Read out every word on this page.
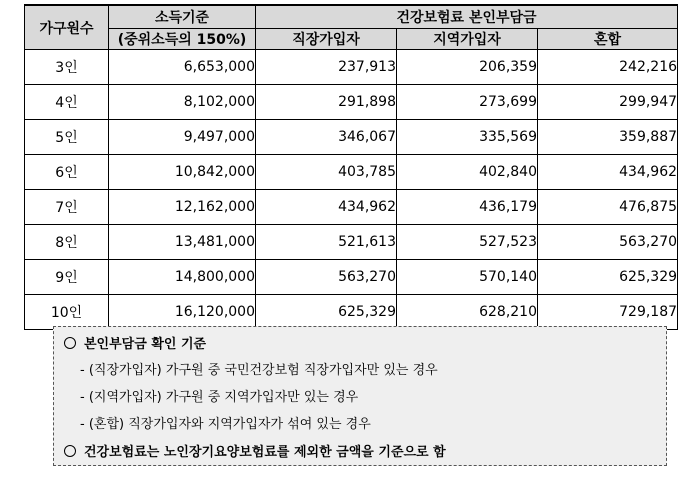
가구원수	소득기준	건강보험료 본인부담금		
	(중위소득의 150%)	직장가입자	지역가입자	혼합
3인	6,653,000	237,913	206,359	242,216
4인	8,102,000	291,898	273,699	299,947
5인	9,497,000	346,067	335,569	359,887
6인	10,842,000	403,785	402,840	434,962
7인	12,162,000	434,962	436,179	476,875
8인	13,481,000	521,613	527,523	563,270
9인	14,800,000	563,270	570,140	625,329
10인	16,120,000	625,329	628,210	729,187
본인부담금 확인 기준
- (직장가입자) 가구원 중 국민건강보험 직장가입자만 있는 경우
- (지역가입자) 가구원 중 지역가입자만 있는 경우
- (혼합) 직장가입자와 지역가입자가 섞여 있는 경우
건강보험료는 노인장기요양보험료를 제외한 금액을 기준으로 함
